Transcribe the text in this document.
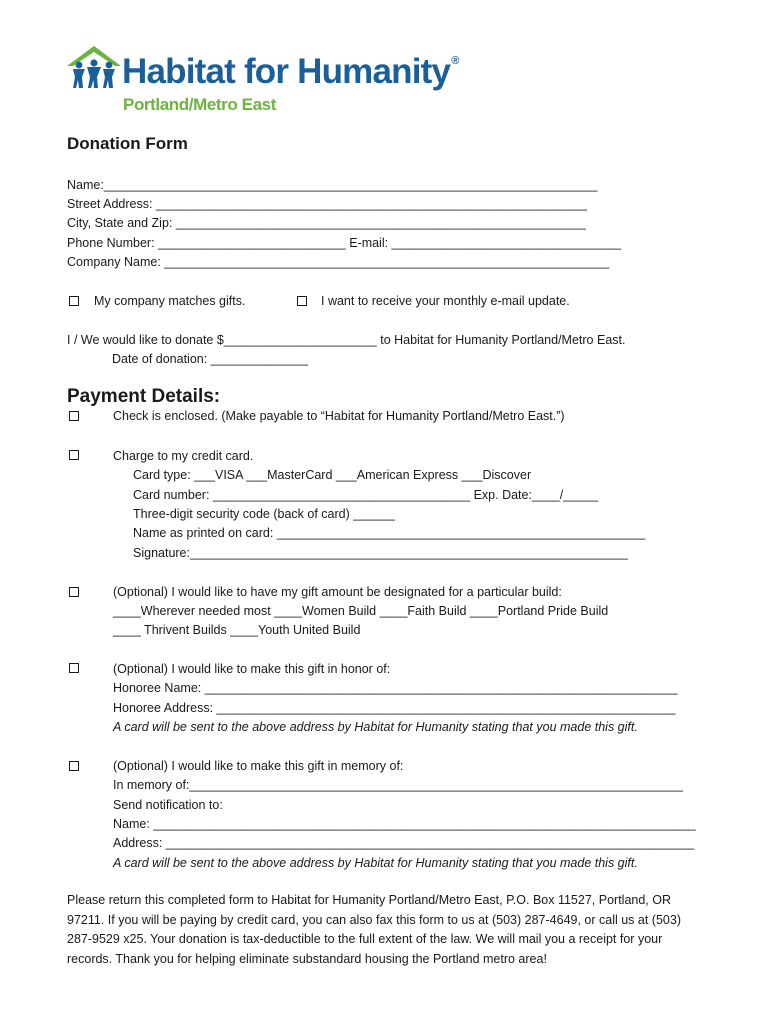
Habitat for Humanity®
Portland/Metro East
Donation Form
Name:_______________________________________________________________________
Street Address: ______________________________________________________________
City, State and Zip: ___________________________________________________________
Phone Number: ___________________________ E-mail: _________________________________
Company Name: ________________________________________________________________
My company matches gifts.	I want to receive your monthly e-mail update.
I / We would like to donate $______________________ to Habitat for Humanity Portland/Metro East.
Date of donation: ______________
Payment Details:
Check is enclosed. (Make payable to “Habitat for Humanity Portland/Metro East.”)
Charge to my credit card.
Card type: ___VISA ___MasterCard ___American Express ___Discover
Card number: _____________________________________ Exp. Date:____/_____
Three-digit security code (back of card) ______
Name as printed on card: _____________________________________________________
Signature:_______________________________________________________________
(Optional) I would like to have my gift amount be designated for a particular build:
____Wherever needed most ____Women Build ____Faith Build ____Portland Pride Build
____ Thrivent Builds ____Youth United Build
(Optional) I would like to make this gift in honor of:
Honoree Name: ____________________________________________________________________
Honoree Address: __________________________________________________________________
A card will be sent to the above address by Habitat for Humanity stating that you made this gift.
(Optional) I would like to make this gift in memory of:
In memory of:_______________________________________________________________________
Send notification to:
Name: ______________________________________________________________________________
Address: ____________________________________________________________________________
A card will be sent to the above address by Habitat for Humanity stating that you made this gift.
Please return this completed form to Habitat for Humanity Portland/Metro East, P.O. Box 11527, Portland, OR 97211. If you will be paying by credit card, you can also fax this form to us at (503) 287-4649, or call us at (503) 287-9529 x25. Your donation is tax-deductible to the full extent of the law. We will mail you a receipt for your records. Thank you for helping eliminate substandard housing the Portland metro area!
